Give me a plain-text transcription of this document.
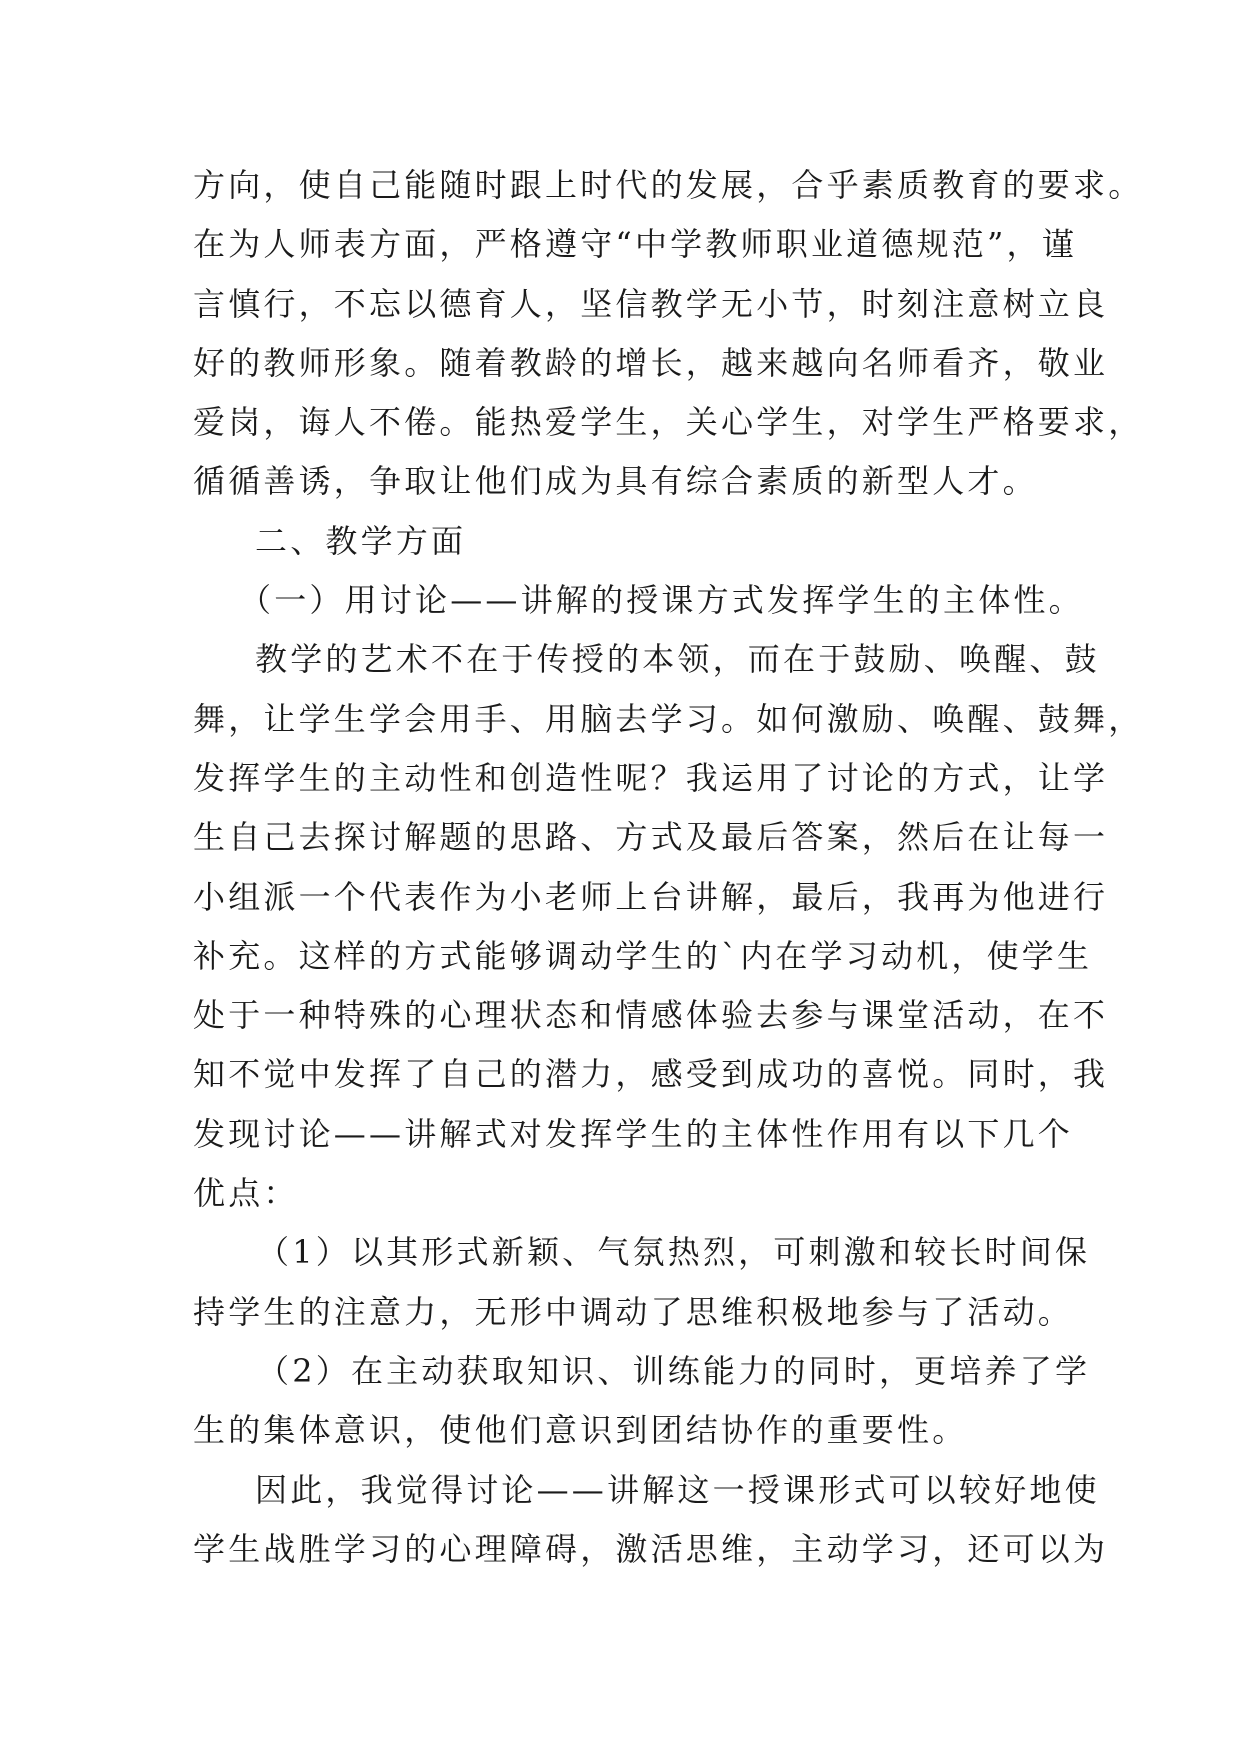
方向，使自己能随时跟上时代的发展，合乎素质教育的要求。
在为人师表方面，严格遵守“中学教师职业道德规范”，谨
言慎行，不忘以德育人，坚信教学无小节，时刻注意树立良
好的教师形象。随着教龄的增长，越来越向名师看齐，敬业
爱岗，诲人不倦。能热爱学生，关心学生，对学生严格要求，
循循善诱，争取让他们成为具有综合素质的新型人才。
二、教学方面
（一）用讨论——讲解的授课方式发挥学生的主体性。
教学的艺术不在于传授的本领，而在于鼓励、唤醒、鼓
舞，让学生学会用手、用脑去学习。如何激励、唤醒、鼓舞，
发挥学生的主动性和创造性呢？我运用了讨论的方式，让学
生自己去探讨解题的思路、方式及最后答案，然后在让每一
小组派一个代表作为小老师上台讲解，最后，我再为他进行
补充。这样的方式能够调动学生的`内在学习动机，使学生
处于一种特殊的心理状态和情感体验去参与课堂活动，在不
知不觉中发挥了自己的潜力，感受到成功的喜悦。同时，我
发现讨论——讲解式对发挥学生的主体性作用有以下几个
优点：
（1）以其形式新颖、气氛热烈，可刺激和较长时间保
持学生的注意力，无形中调动了思维积极地参与了活动。
（2）在主动获取知识、训练能力的同时，更培养了学
生的集体意识，使他们意识到团结协作的重要性。
因此，我觉得讨论——讲解这一授课形式可以较好地使
学生战胜学习的心理障碍，激活思维，主动学习，还可以为
